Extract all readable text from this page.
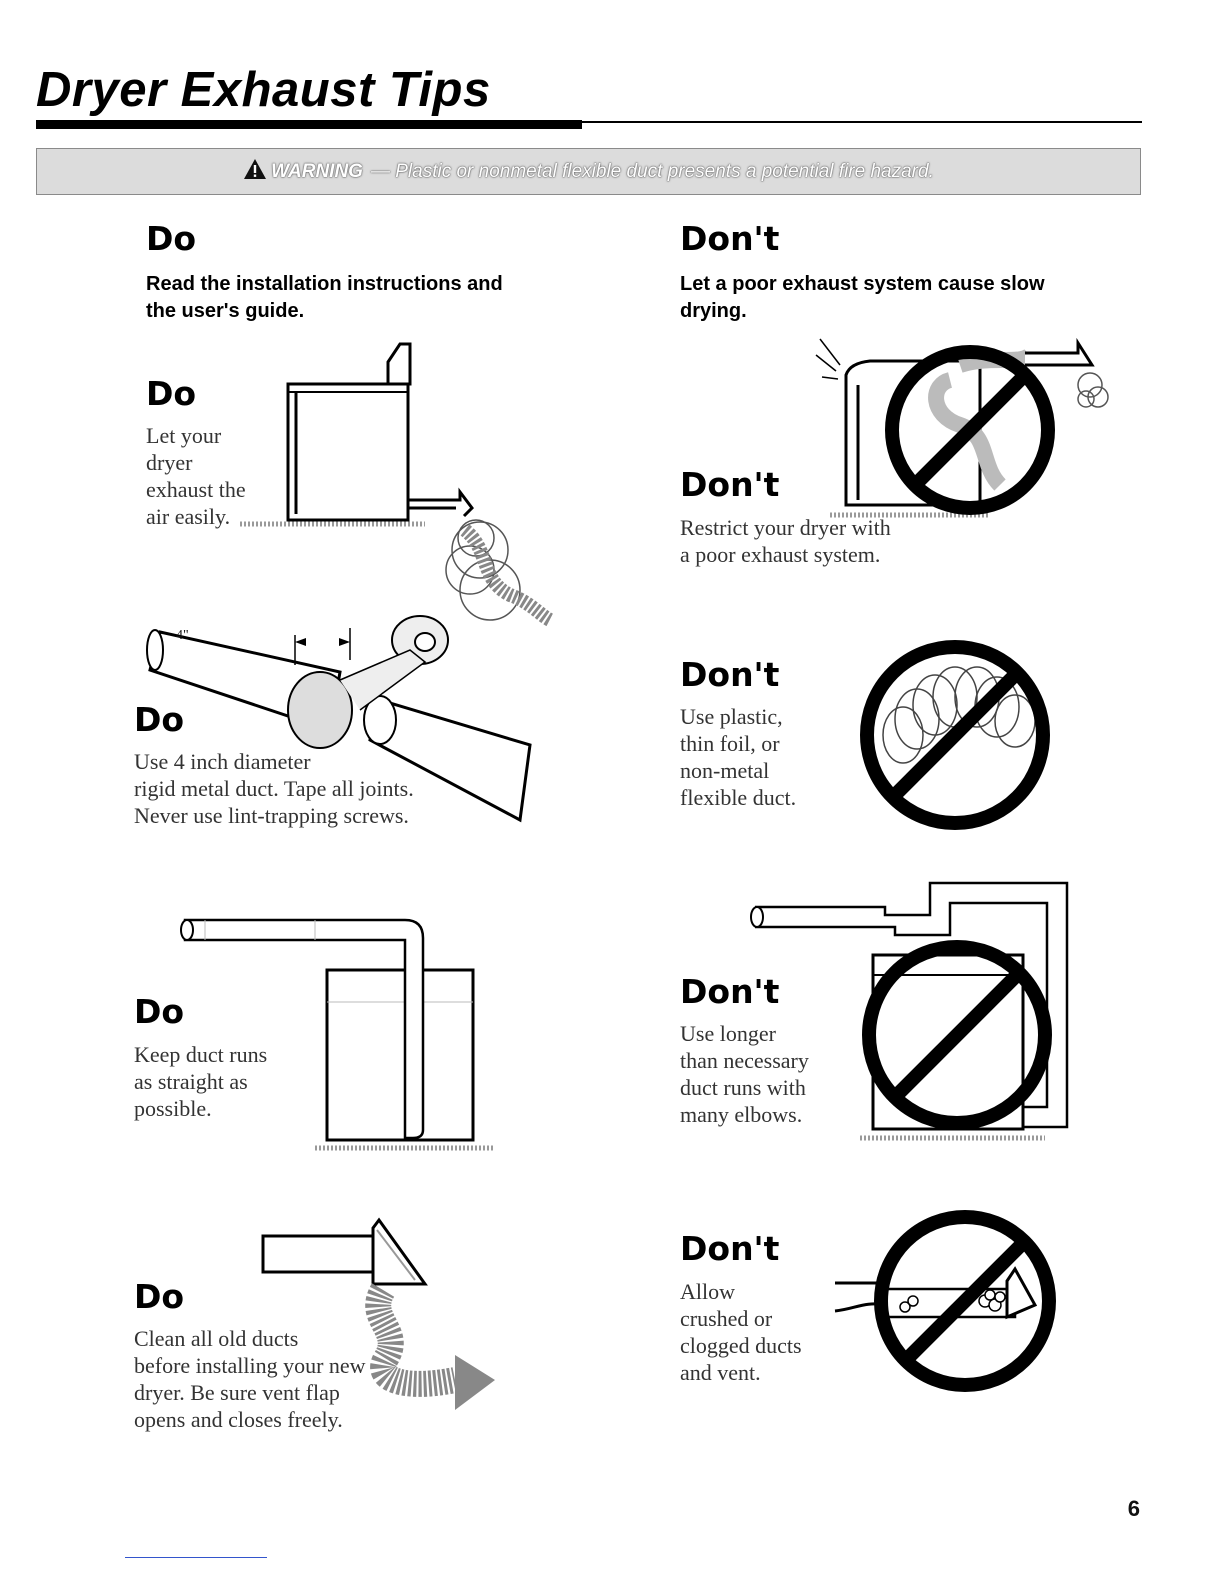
Dryer Exhaust Tips
WARNING — Plastic or nonmetal flexible duct presents a potential fire hazard.
Do
Read the installation instructions and the user's guide.
Don't
Let a poor exhaust system cause slow drying.
Do
Let your
dryer
exhaust the
air easily.
Don't
Restrict your dryer with
a poor exhaust system.
4"
Do
Use 4 inch diameter
rigid metal duct. Tape all joints.
Never use lint-trapping screws.
Don't
Use plastic,
thin foil, or
non-metal
flexible duct.
Do
Keep duct runs
as straight as
possible.
Don't
Use longer
than necessary
duct runs with
many elbows.
Do
Clean all old ducts
before installing your new
dryer. Be sure vent flap
opens and closes freely.
Don't
Allow
crushed or
clogged ducts
and vent.
6
